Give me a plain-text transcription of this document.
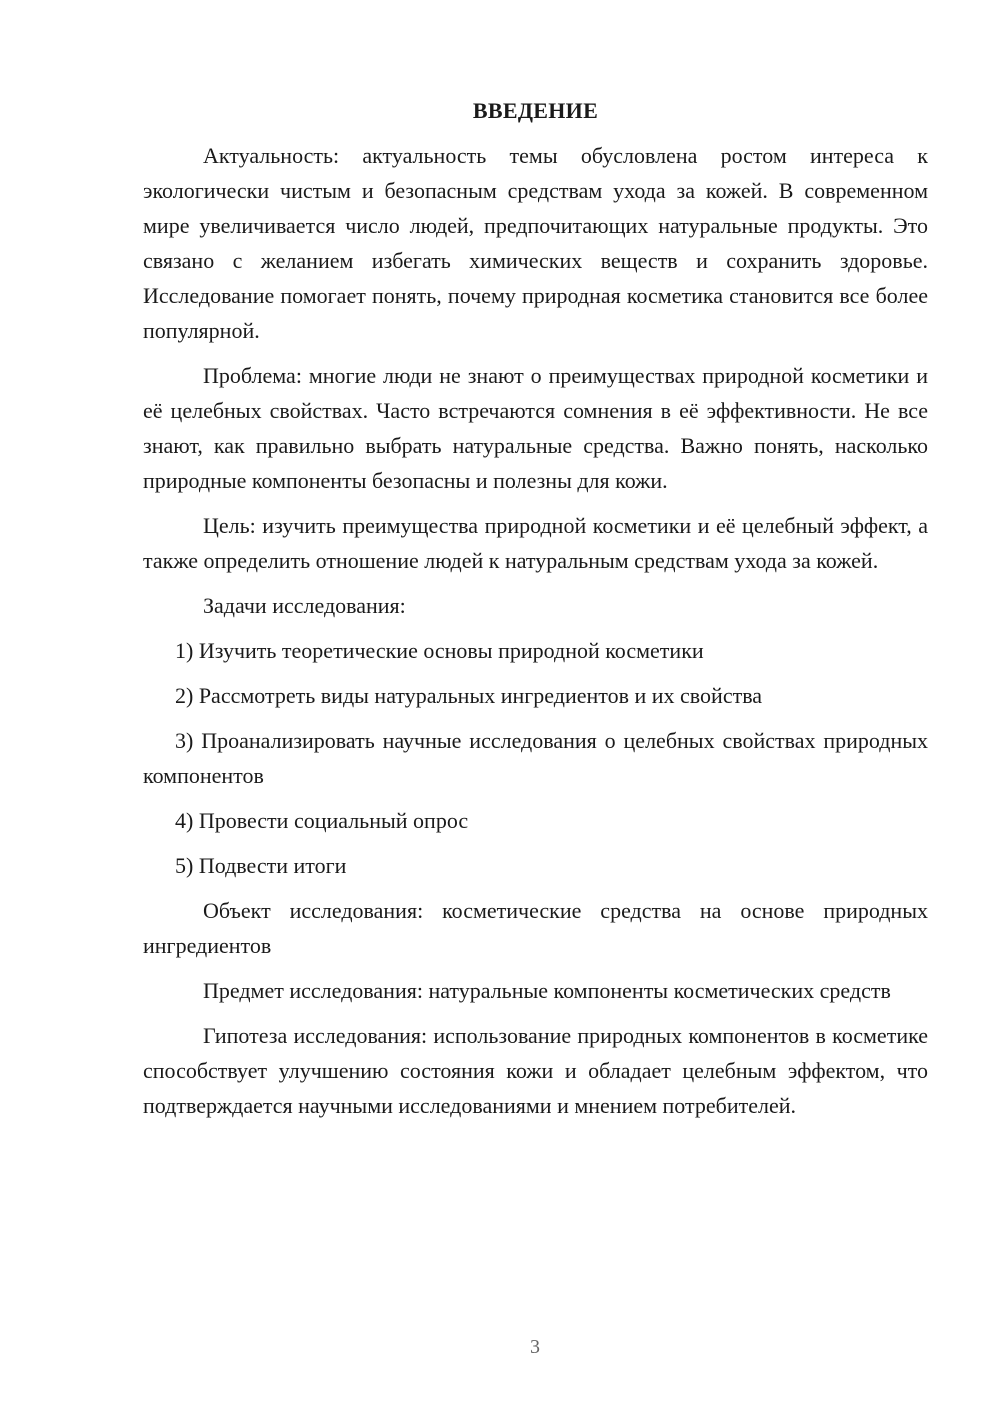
ВВЕДЕНИЕ

Актуальность: актуальность темы обусловлена ростом интереса к экологически чистым и безопасным средствам ухода за кожей. В современном мире увеличивается число людей, предпочитающих натуральные продукты. Это связано с желанием избегать химических веществ и сохранить здоровье. Исследование помогает понять, почему природная косметика становится все более популярной.

Проблема: многие люди не знают о преимуществах природной косметики и её целебных свойствах. Часто встречаются сомнения в её эффективности. Не все знают, как правильно выбрать натуральные средства. Важно понять, насколько природные компоненты безопасны и полезны для кожи.

Цель: изучить преимущества природной косметики и её целебный эффект, а также определить отношение людей к натуральным средствам ухода за кожей.

Задачи исследования:

1) Изучить теоретические основы природной косметики

2) Рассмотреть виды натуральных ингредиентов и их свойства

3) Проанализировать научные исследования о целебных свойствах природных компонентов

4) Провести социальный опрос

5) Подвести итоги

Объект исследования: косметические средства на основе природных ингредиентов

Предмет исследования: натуральные компоненты косметических средств

Гипотеза исследования: использование природных компонентов в косметике способствует улучшению состояния кожи и обладает целебным эффектом, что подтверждается научными исследованиями и мнением потребителей.

3
